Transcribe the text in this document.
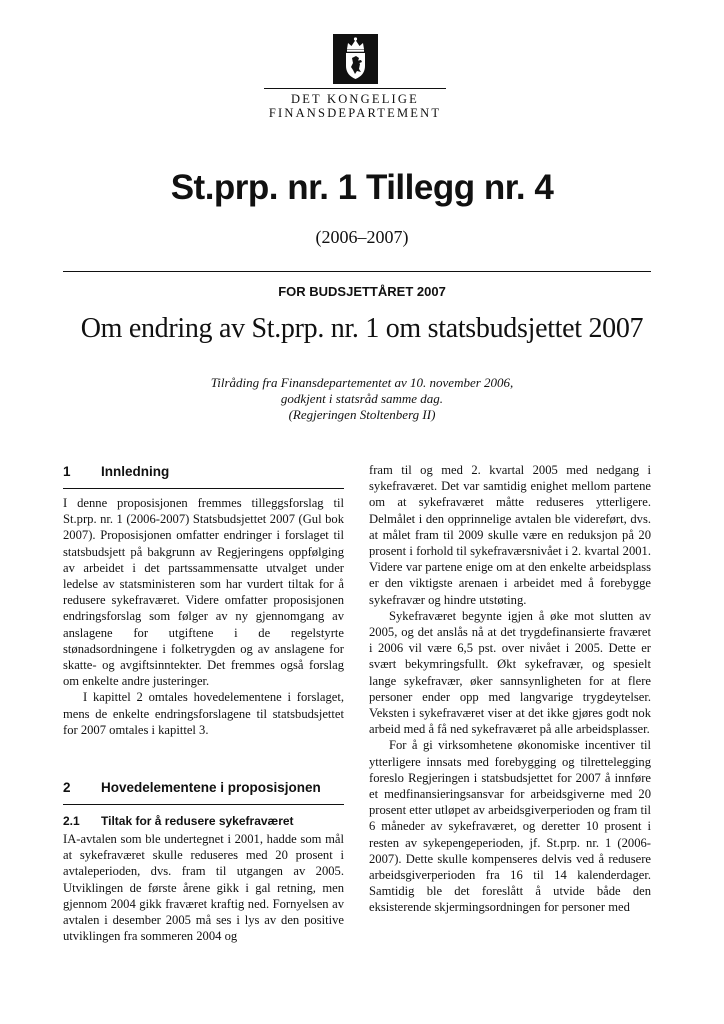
DET KONGELIGE
FINANSDEPARTEMENT
St.prp. nr. 1 Tillegg nr. 4
(2006–2007)
FOR BUDSJETTÅRET 2007
Om endring av St.prp. nr. 1 om statsbudsjettet 2007
Tilråding fra Finansdepartementet av 10. november 2006,
godkjent i statsråd samme dag.
(Regjeringen Stoltenberg II)
1	Innledning

I denne proposisjonen fremmes tilleggsforslag til St.prp. nr. 1 (2006-2007) Statsbudsjettet 2007 (Gul bok 2007). Proposisjonen omfatter endringer i forslaget til statsbudsjett på bakgrunn av Regjeringens oppfølging av arbeidet i det partssammensatte utvalget under ledelse av statsministeren som har vurdert tiltak for å redusere sykefraværet. Videre omfatter proposisjonen endringsforslag som følger av ny gjennomgang av anslagene for utgiftene i de regelstyrte stønadsordningene i folketrygden og av anslagene for skatte- og avgiftsinntekter. Det fremmes også forslag om enkelte andre justeringer.

I kapittel 2 omtales hovedelementene i forslaget, mens de enkelte endringsforslagene til statsbudsjettet for 2007 omtales i kapittel 3.

2	Hovedelementene i proposisjonen
2.1	Tiltak for å redusere sykefraværet

IA-avtalen som ble undertegnet i 2001, hadde som mål at sykefraværet skulle reduseres med 20 prosent i avtaleperioden, dvs. fram til utgangen av 2005. Utviklingen de første årene gikk i gal retning, men gjennom 2004 gikk fraværet kraftig ned. Fornyelsen av avtalen i desember 2005 må ses i lys av den positive utviklingen fra sommeren 2004 og

fram til og med 2. kvartal 2005 med nedgang i sykefraværet. Det var samtidig enighet mellom partene om at sykefraværet måtte reduseres ytterligere. Delmålet i den opprinnelige avtalen ble videreført, dvs. at målet fram til 2009 skulle være en reduksjon på 20 prosent i forhold til sykefraværsnivået i 2. kvartal 2001. Videre var partene enige om at den enkelte arbeidsplass er den viktigste arenaen i arbeidet med å forebygge sykefravær og hindre utstøting.

Sykefraværet begynte igjen å øke mot slutten av 2005, og det anslås nå at det trygdefinansierte fraværet i 2006 vil være 6,5 pst. over nivået i 2005. Dette er svært bekymringsfullt. Økt sykefravær, og spesielt lange sykefravær, øker sannsynligheten for at flere personer ender opp med langvarige trygdeytelser. Veksten i sykefraværet viser at det ikke gjøres godt nok arbeid med å få ned sykefraværet på alle arbeidsplasser.

For å gi virksomhetene økonomiske incentiver til ytterligere innsats med forebygging og tilrettelegging foreslo Regjeringen i statsbudsjettet for 2007 å innføre et medfinansieringsansvar for arbeidsgiverne med 20 prosent etter utløpet av arbeidsgiverperioden og fram til 6 måneder av sykefraværet, og deretter 10 prosent i resten av sykepengeperioden, jf. St.prp. nr. 1 (2006-2007). Dette skulle kompenseres delvis ved å redusere arbeidsgiverperioden fra 16 til 14 kalenderdager. Samtidig ble det foreslått å utvide både den eksisterende skjermingsordningen for personer med
